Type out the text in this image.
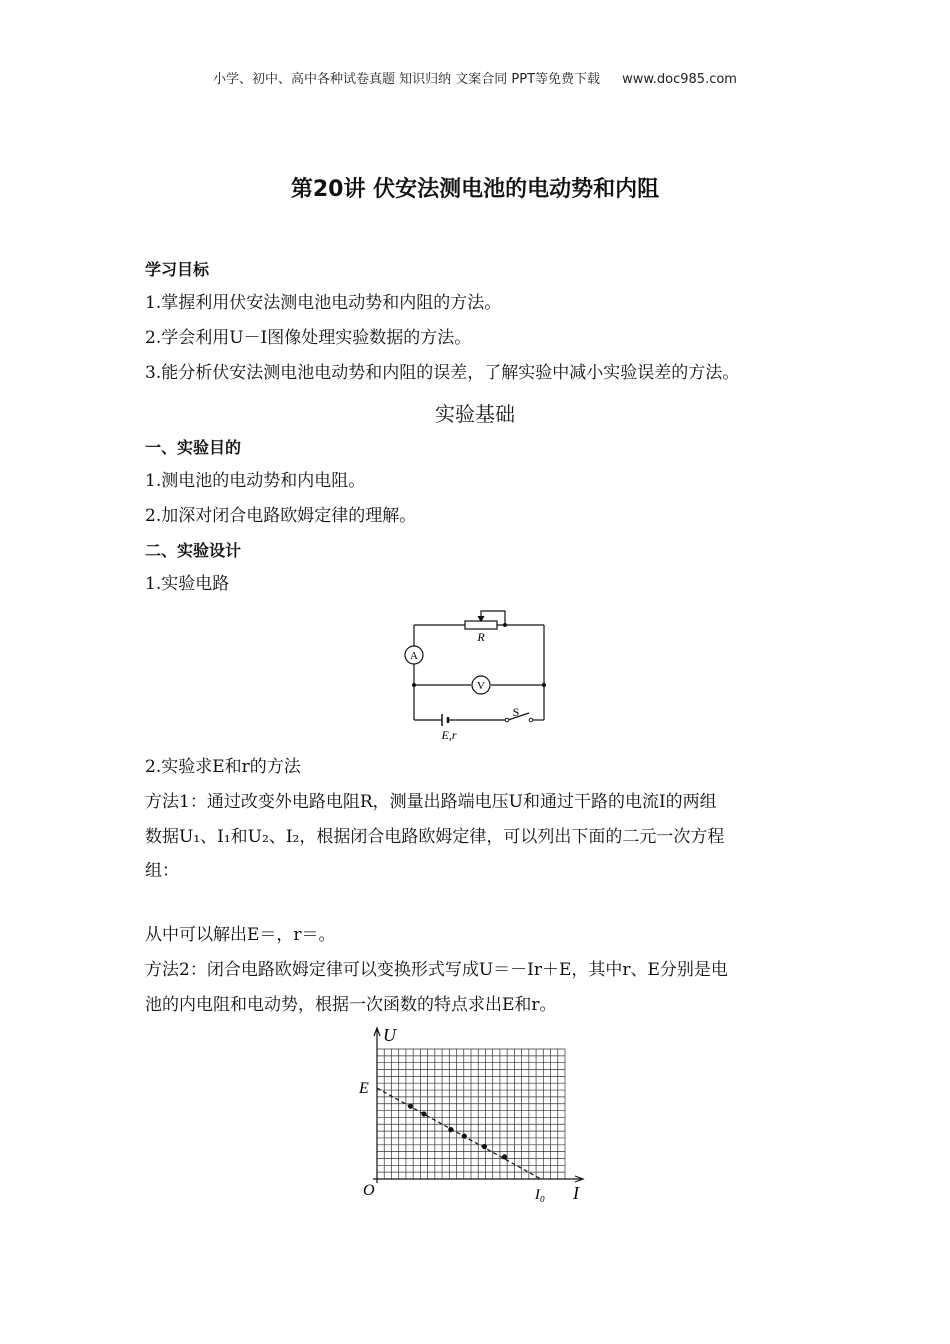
小学、初中、高中各种试卷真题 知识归纳 文案合同 PPT等免费下载 www.doc985.com
第20讲 伏安法测电池的电动势和内阻
学习目标
1.掌握利用伏安法测电池电动势和内阻的方法。
2.学会利用U－I图像处理实验数据的方法。
3.能分析伏安法测电池电动势和内阻的误差，了解实验中减小实验误差的方法。
实验基础
一、实验目的
1.测电池的电动势和内电阻。
2.加深对闭合电路欧姆定律的理解。
二、实验设计
1.实验电路
R
A
V
S
E,r
2.实验求E和r的方法
方法1：通过改变外电路电阻R，测量出路端电压U和通过干路的电流I的两组
数据U₁、I₁和U₂、I₂，根据闭合电路欧姆定律，可以列出下面的二元一次方程
组：
从中可以解出E＝，r＝。
方法2：闭合电路欧姆定律可以变换形式写成U＝－Ir＋E，其中r、E分别是电
池的内电阻和电动势，根据一次函数的特点求出E和r。
U
I
O
E
I₀
